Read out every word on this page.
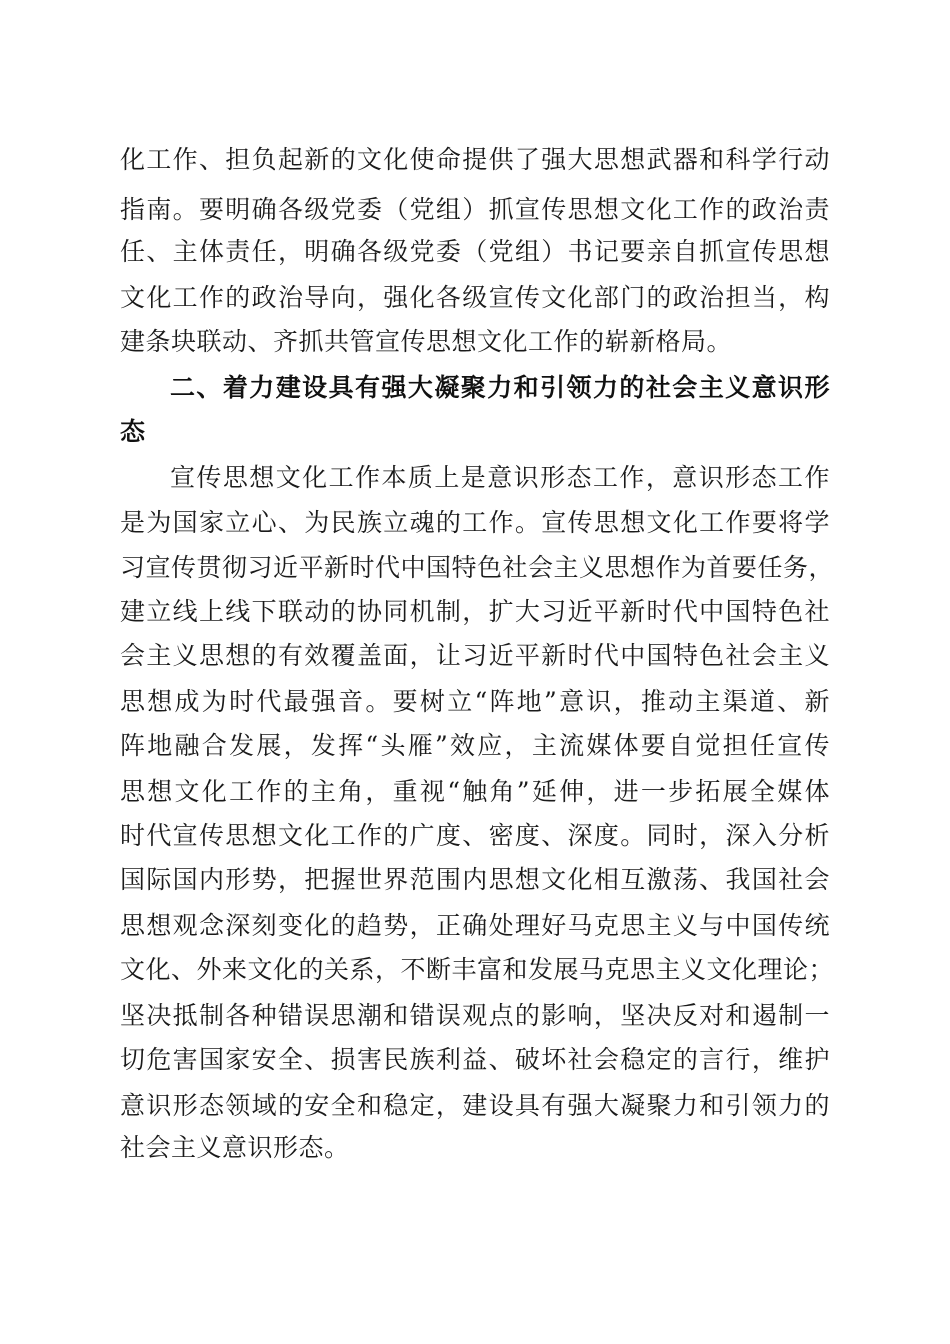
化工作、担负起新的文化使命提供了强大思想武器和科学行动
指南。要明确各级党委（党组）抓宣传思想文化工作的政治责
任、主体责任，明确各级党委（党组）书记要亲自抓宣传思想
文化工作的政治导向，强化各级宣传文化部门的政治担当，构
建条块联动、齐抓共管宣传思想文化工作的崭新格局。
二、着力建设具有强大凝聚力和引领力的社会主义意识形
态
宣传思想文化工作本质上是意识形态工作，意识形态工作
是为国家立心、为民族立魂的工作。宣传思想文化工作要将学
习宣传贯彻习近平新时代中国特色社会主义思想作为首要任务，
建立线上线下联动的协同机制，扩大习近平新时代中国特色社
会主义思想的有效覆盖面，让习近平新时代中国特色社会主义
思想成为时代最强音。要树立“阵地”意识，推动主渠道、新
阵地融合发展，发挥“头雁”效应，主流媒体要自觉担任宣传
思想文化工作的主角，重视“触角”延伸，进一步拓展全媒体
时代宣传思想文化工作的广度、密度、深度。同时，深入分析
国际国内形势，把握世界范围内思想文化相互激荡、我国社会
思想观念深刻变化的趋势，正确处理好马克思主义与中国传统
文化、外来文化的关系，不断丰富和发展马克思主义文化理论；
坚决抵制各种错误思潮和错误观点的影响，坚决反对和遏制一
切危害国家安全、损害民族利益、破坏社会稳定的言行，维护
意识形态领域的安全和稳定，建设具有强大凝聚力和引领力的
社会主义意识形态。
